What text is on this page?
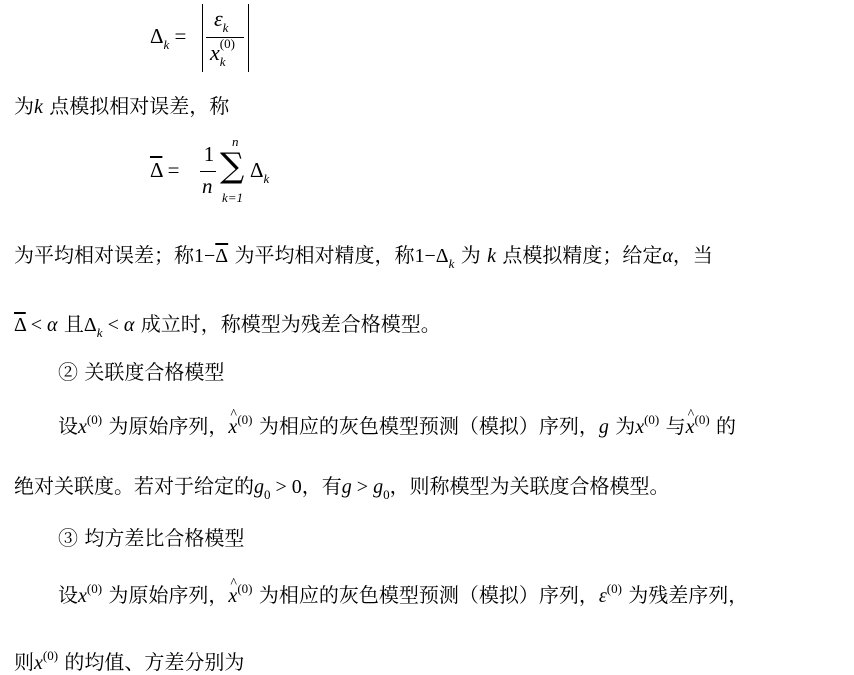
$\Delta_k$ =
$\varepsilon_k$
x (0)
k
为k 点模拟相对误差，称
$\overline{\Delta}$ =
1
n ∑
n
k=1
$\Delta_k$
为平均相对误差；称$1-\overline{\Delta}$ 为平均相对精度，称$1-\Delta_k$ 为 k 点模拟精度；给定α，当
$\overline{\Delta} < \alpha$ 且$\Delta_k < \alpha$ 成立时，称模型为残差合格模型。
② 关联度合格模型
设$x^{(0)}$ 为原始序列，^ $x^{(0)}$ 为相应的灰色模型预测（模拟）序列，g 为$x^{(0)}$ 与^ $x^{(0)}$ 的
绝对关联度。若对于给定的$g_0 > 0$，有$g > g_0$，则称模型为关联度合格模型。
③ 均方差比合格模型
设$x^{(0)}$ 为原始序列，^ $x^{(0)}$ 为相应的灰色模型预测（模拟）序列，$\varepsilon^{(0)}$ 为残差序列，
则$x^{(0)}$ 的均值、方差分别为
